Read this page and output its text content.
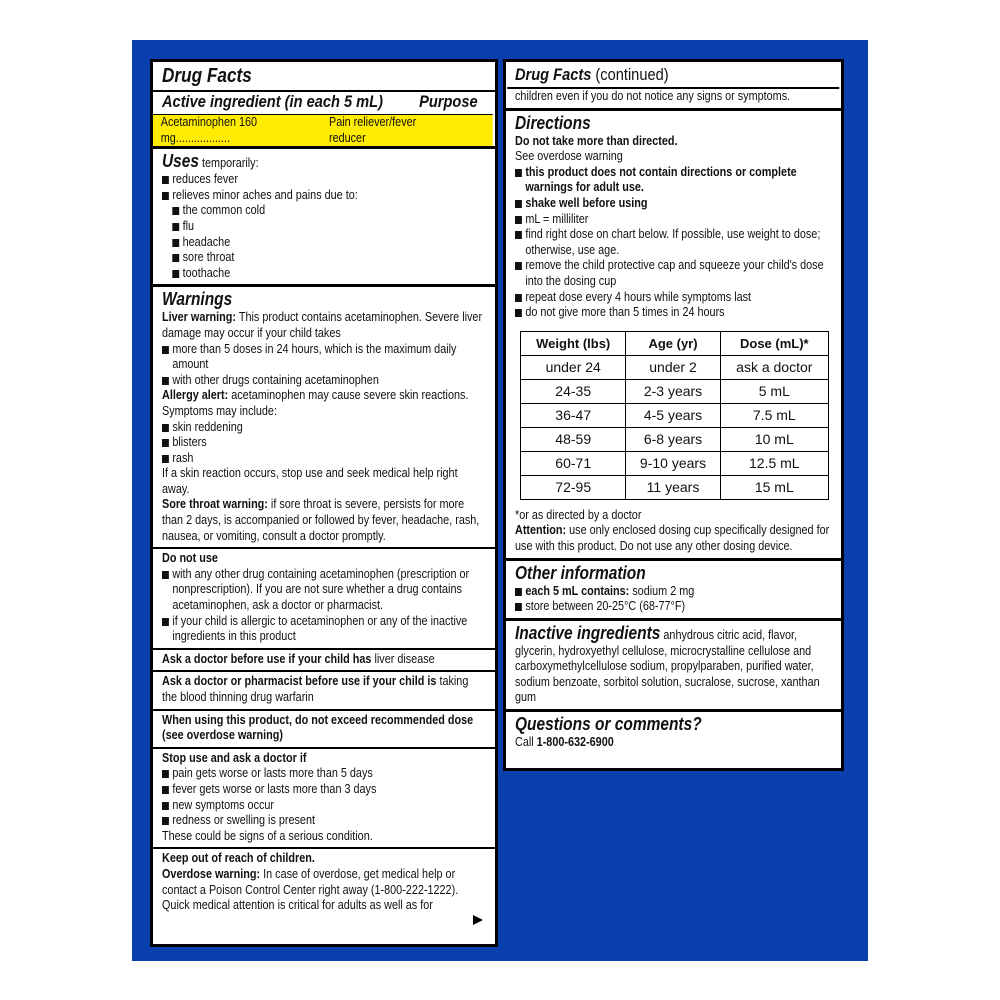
Drug Facts
Active ingredient (in each 5 mL) Purpose
Acetaminophen 160 mg..................
Pain reliever/fever reducer
Uses temporarily:
reduces fever
relieves minor aches and pains due to:
the common cold
flu
headache
sore throat
toothache
Warnings
Liver warning: This product contains acetaminophen. Severe liver damage may occur if your child takes
more than 5 doses in 24 hours, which is the maximum daily amount
with other drugs containing acetaminophen
Allergy alert: acetaminophen may cause severe skin reactions. Symptoms may include:
skin reddening
blisters
rash
If a skin reaction occurs, stop use and seek medical help right away.
Sore throat warning: if sore throat is severe, persists for more than 2 days, is accompanied or followed by fever, headache, rash, nausea, or vomiting, consult a doctor promptly.
Do not use
with any other drug containing acetaminophen (prescription or nonprescription). If you are not sure whether a drug contains acetaminophen, ask a doctor or pharmacist.
if your child is allergic to acetaminophen or any of the inactive ingredients in this product
Ask a doctor before use if your child has liver disease
Ask a doctor or pharmacist before use if your child is taking the blood thinning drug warfarin
When using this product, do not exceed recommended dose (see overdose warning)
Stop use and ask a doctor if
pain gets worse or lasts more than 5 days
fever gets worse or lasts more than 3 days
new symptoms occur
redness or swelling is present
These could be signs of a serious condition.
Keep out of reach of children.
Overdose warning: In case of overdose, get medical help or contact a Poison Control Center right away (1-800-222-1222). Quick medical attention is critical for adults as well as for
Drug Facts (continued)
children even if you do not notice any signs or symptoms.
Directions
Do not take more than directed.
See overdose warning
this product does not contain directions or complete warnings for adult use.
shake well before using
mL = milliliter
find right dose on chart below. If possible, use weight to dose; otherwise, use age.
remove the child protective cap and squeeze your child's dose into the dosing cup
repeat dose every 4 hours while symptoms last
do not give more than 5 times in 24 hours
Weight (lbs)	Age (yr)	Dose (mL)*
under 24	under 2	ask a doctor
24-35	2-3 years	5 mL
36-47	4-5 years	7.5 mL
48-59	6-8 years	10 mL
60-71	9-10 years	12.5 mL
72-95	11 years	15 mL
*or as directed by a doctor
Attention: use only enclosed dosing cup specifically designed for use with this product. Do not use any other dosing device.
Other information
each 5 mL contains: sodium 2 mg
store between 20-25°C (68-77°F)
Inactive ingredients anhydrous citric acid, flavor, glycerin, hydroxyethyl cellulose, microcrystalline cellulose and carboxymethylcellulose sodium, propylparaben, purified water, sodium benzoate, sorbitol solution, sucralose, sucrose, xanthan gum
Questions or comments?
Call 1-800-632-6900
